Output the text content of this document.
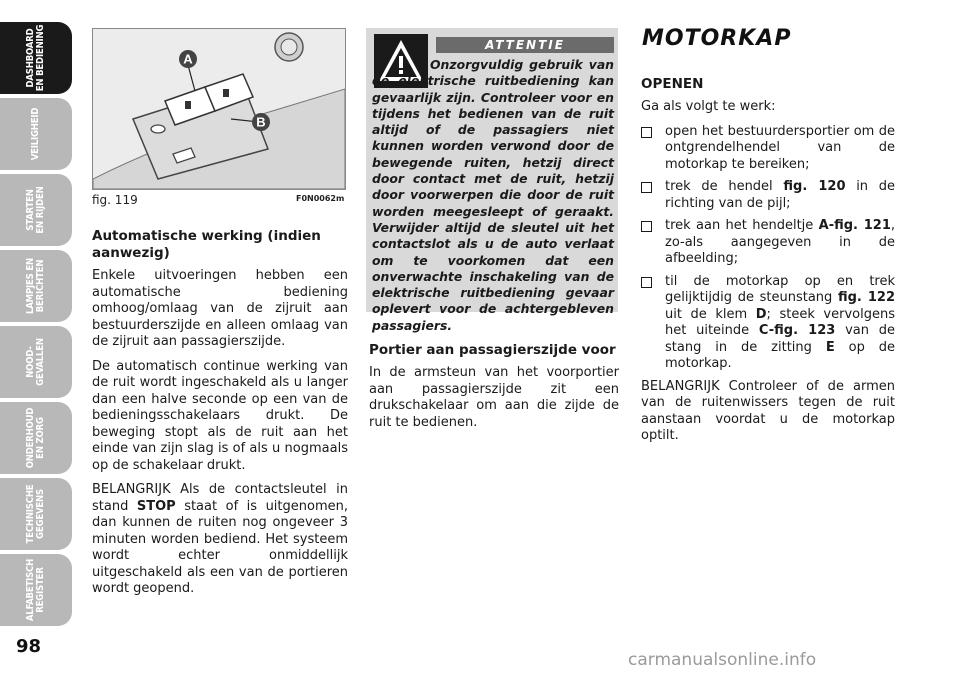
DASHBOARD
EN BEDIENING
VEILIGHEID
STARTEN
EN RIJDEN
LAMPJES EN
BERICHTEN
NOOD-
GEVALLEN
ONDERHOUD
EN ZORG
TECHNISCHE
GEGEVENS
ALFABETISCH
REGISTER
98
A
B
fig. 119	F0N0062m
Automatische werking (indien aanwezig)

Enkele uitvoeringen hebben een automatische bediening omhoog/omlaag van de zijruit aan bestuurderszijde en alleen omlaag van de zijruit aan passagierszijde.

De automatisch continue werking van de ruit wordt ingeschakeld als u langer dan een halve seconde op een van de bedieningsschakelaars drukt. De beweging stopt als de ruit aan het einde van zijn slag is of als u nogmaals op de schakelaar drukt.

BELANGRIJK Als de contactsleutel in stand STOP staat of is uitgenomen, dan kunnen de ruiten nog ongeveer 3 minuten worden bediend. Het systeem wordt echter onmiddellijk uitgeschakeld als een van de portieren wordt geopend.

ATTENTIE
Onzorgvuldig gebruik van de elektrische ruitbediening kan gevaarlijk zijn. Controleer voor en tijdens het bedienen van de ruit altijd of de passagiers niet kunnen worden verwond door de bewegende ruiten, hetzij direct door contact met de ruit, hetzij door voorwerpen die door de ruit worden meegesleept of geraakt. Verwijder altijd de sleutel uit het contactslot als u de auto verlaat om te voorkomen dat een onverwachte inschakeling van de elektrische ruitbediening gevaar oplevert voor de achtergebleven passagiers.
Portier aan passagierszijde voor

In de armsteun van het voorportier aan passagierszijde zit een drukschakelaar om aan die zijde de ruit te bedienen.

MOTORKAP
OPENEN

Ga als volgt te werk:

open het bestuurdersportier om de ontgrendelhendel van de motorkap te bereiken;
trek de hendel fig. 120 in de richting van de pijl;
trek aan het hendeltje A-fig. 121, zo-als aangegeven in de afbeelding;
til de motorkap op en trek gelijktijdig de steunstang fig. 122 uit de klem D; steek vervolgens het uiteinde C-fig. 123 van de stang in de zitting E op de motorkap.

BELANGRIJK Controleer of de armen van de ruitenwissers tegen de ruit aanstaan voordat u de motorkap optilt.

carmanualsonline.info
